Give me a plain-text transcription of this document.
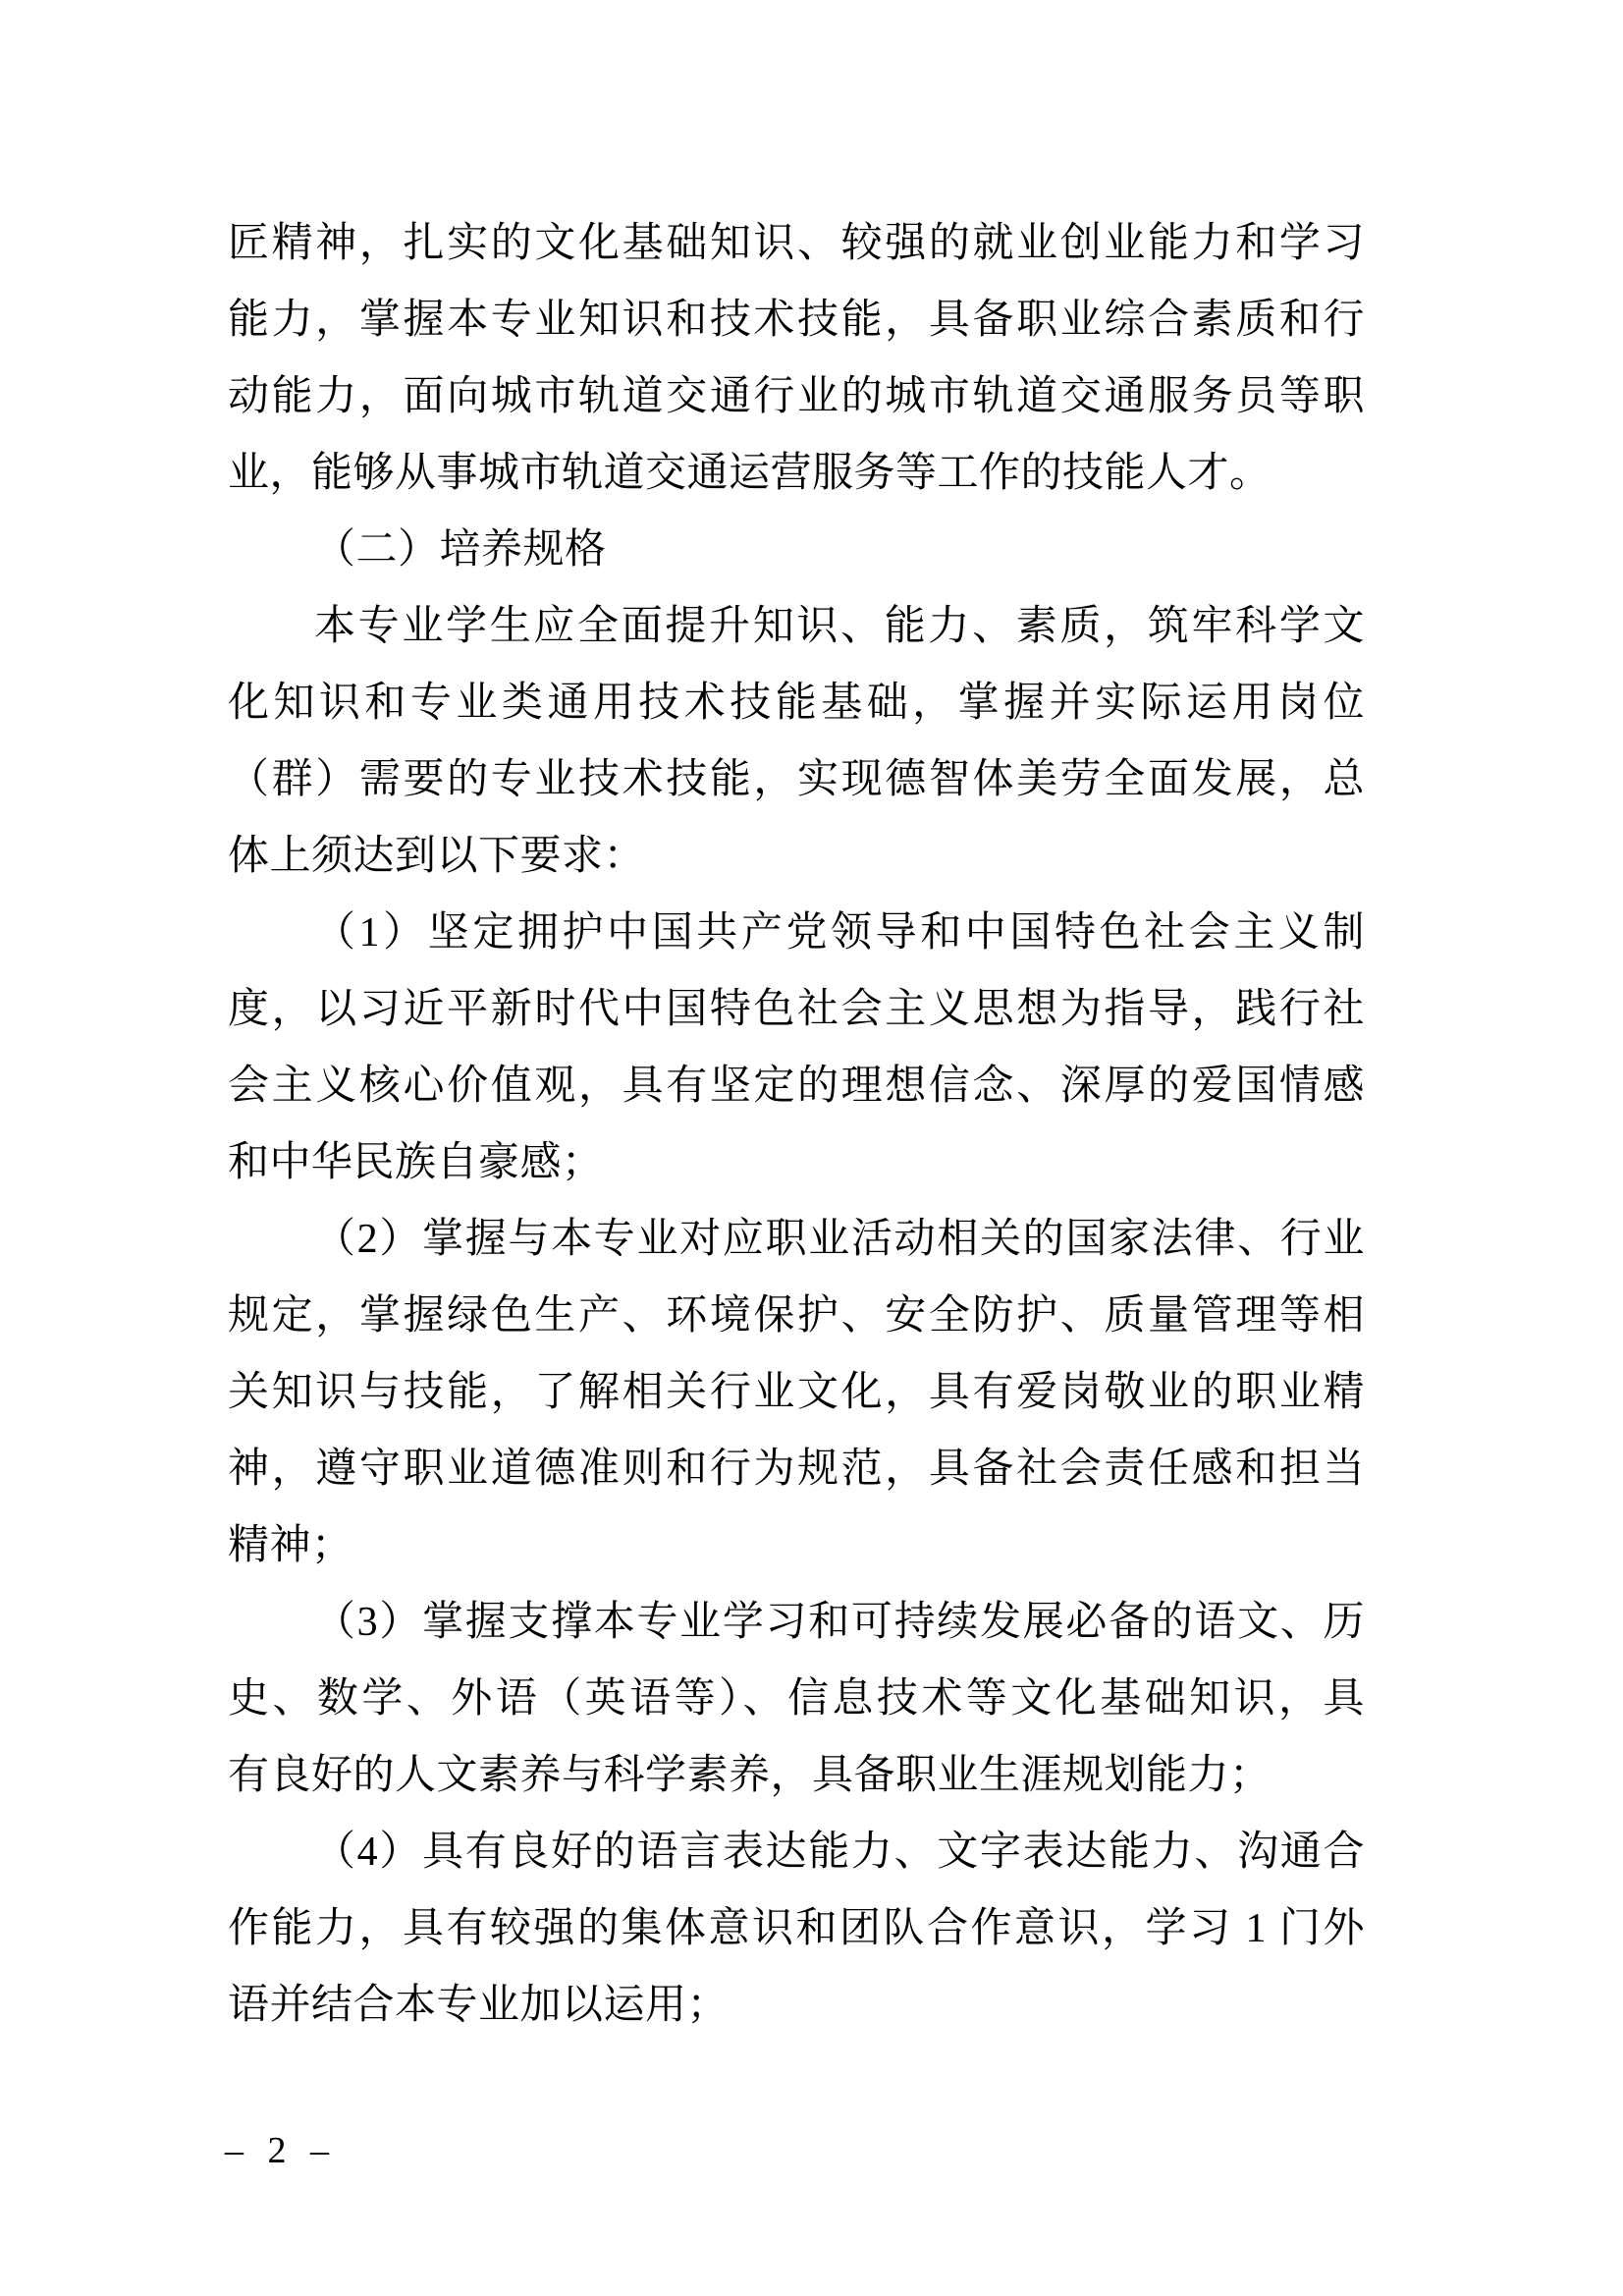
匠精神，扎实的文化基础知识、较强的就业创业能力和学习
能力，掌握本专业知识和技术技能，具备职业综合素质和行
动能力，面向城市轨道交通行业的城市轨道交通服务员等职
业，能够从事城市轨道交通运营服务等工作的技能人才。
（二）培养规格
本专业学生应全面提升知识、能力、素质，筑牢科学文
化知识和专业类通用技术技能基础，掌握并实际运用岗位
（群）需要的专业技术技能，实现德智体美劳全面发展，总
体上须达到以下要求：
（1）坚定拥护中国共产党领导和中国特色社会主义制
度，以习近平新时代中国特色社会主义思想为指导，践行社
会主义核心价值观，具有坚定的理想信念、深厚的爱国情感
和中华民族自豪感；
（2）掌握与本专业对应职业活动相关的国家法律、行业
规定，掌握绿色生产、环境保护、安全防护、质量管理等相
关知识与技能，了解相关行业文化，具有爱岗敬业的职业精
神，遵守职业道德准则和行为规范，具备社会责任感和担当
精神；
（3）掌握支撑本专业学习和可持续发展必备的语文、历
史、数学、外语（英语等）、信息技术等文化基础知识，具
有良好的人文素养与科学素养，具备职业生涯规划能力；
（4）具有良好的语言表达能力、文字表达能力、沟通合
作能力，具有较强的集体意识和团队合作意识，学习 1 门外
语并结合本专业加以运用；
– 2 –
